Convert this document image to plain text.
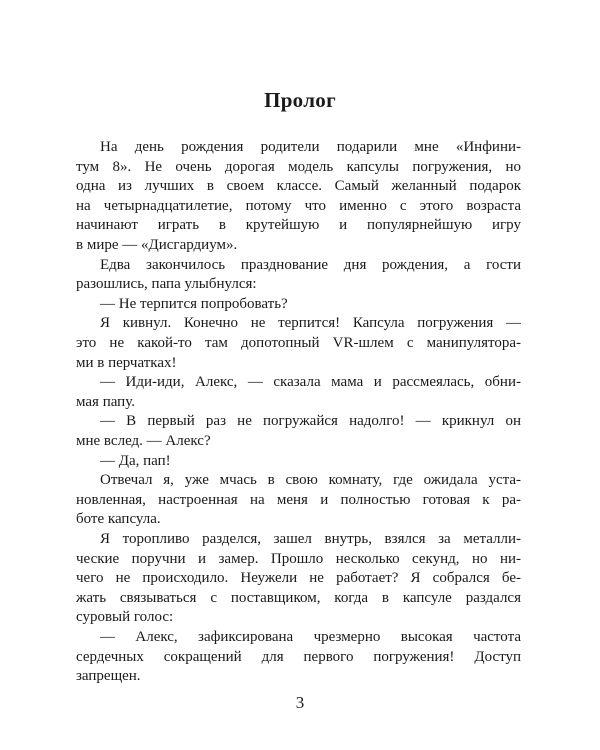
Пролог

На день рождения родители подарили мне «Инфини-

тум 8». Не очень дорогая модель капсулы погружения, но

одна из лучших в своем классе. Самый желанный подарок

на четырнадцатилетие, потому что именно с этого возраста

начинают играть в крутейшую и популярнейшую игру

в мире — «Дисгардиум».

Едва закончилось празднование дня рождения, а гости

разошлись, папа улыбнулся:

— Не терпится попробовать?

Я кивнул. Конечно не терпится! Капсула погружения —

это не какой-то там допотопный VR-шлем с манипулятора-

ми в перчатках!

— Иди-иди, Алекс, — сказала мама и рассмеялась, обни-

мая папу.

— В первый раз не погружайся надолго! — крикнул он

мне вслед. — Алекс?

— Да, пап!

Отвечал я, уже мчась в свою комнату, где ожидала уста-

новленная, настроенная на меня и полностью готовая к ра-

боте капсула.

Я торопливо разделся, зашел внутрь, взялся за металли-

ческие поручни и замер. Прошло несколько секунд, но ни-

чего не происходило. Неужели не работает? Я собрался бе-

жать связываться с поставщиком, когда в капсуле раздался

суровый голос:

— Алекс, зафиксирована чрезмерно высокая частота

сердечных сокращений для первого погружения! Доступ

запрещен.

3
